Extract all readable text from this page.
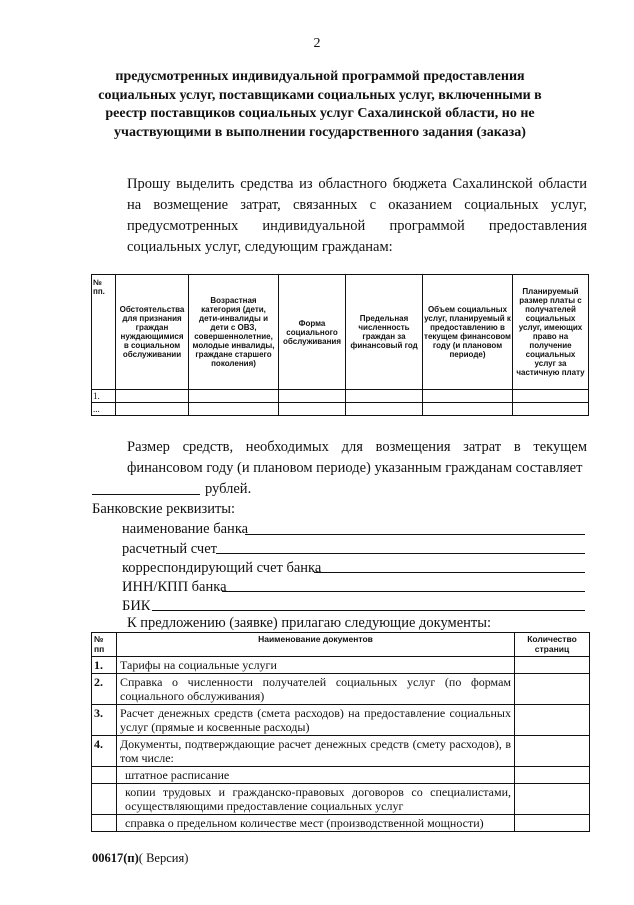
2
предусмотренных индивидуальной программой предоставления социальных услуг, поставщиками социальных услуг, включенными в реестр поставщиков социальных услуг Сахалинской области, но не участвующими в выполнении государственного задания (заказа)
Прошу выделить средства из областного бюджета Сахалинской области на возмещение затрат, связанных с оказанием социальных услуг, предусмотренных индивидуальной программой предоставления социальных услуг, следующим гражданам:
№ пп.	Обстоятельства для признания граждан нуждающимися в социальном обслуживании	Возрастная категория (дети, дети-инвалиды и дети с ОВЗ, совершеннолетние, молодые инвалиды, граждане старшего поколения)	Форма социального обслуживания	Предельная численность граждан за финансовый год	Объем социальных услуг, планируемый к предоставлению в текущем финансовом году (и плановом периоде)	Планируемый размер платы с получателей социальных услуг, имеющих право на получение социальных услуг за частичную плату
1.						
...						
Размер средств, необходимых для возмещения затрат в текущем финансовом году (и плановом периоде) указанным гражданам составляет
рублей.
Банковские реквизиты:
наименование банка
расчетный счет
корреспондирующий счет банка
ИНН/КПП банка
БИК
К предложению (заявке) прилагаю следующие документы:
№ пп	Наименование документов	Количество страниц
1.	Тарифы на социальные услуги	
2.	Справка о численности получателей социальных услуг (по формам социального обслуживания)	
3.	Расчет денежных средств (смета расходов) на предоставление социальных услуг (прямые и косвенные расходы)	
4.	Документы, подтверждающие расчет денежных средств (смету расходов), в том числе:	
	штатное расписание	
	копии трудовых и гражданско-правовых договоров со специалистами, осуществляющими предоставление социальных услуг	
	справка о предельном количестве мест (производственной мощности)	
00617(п)( Версия)
